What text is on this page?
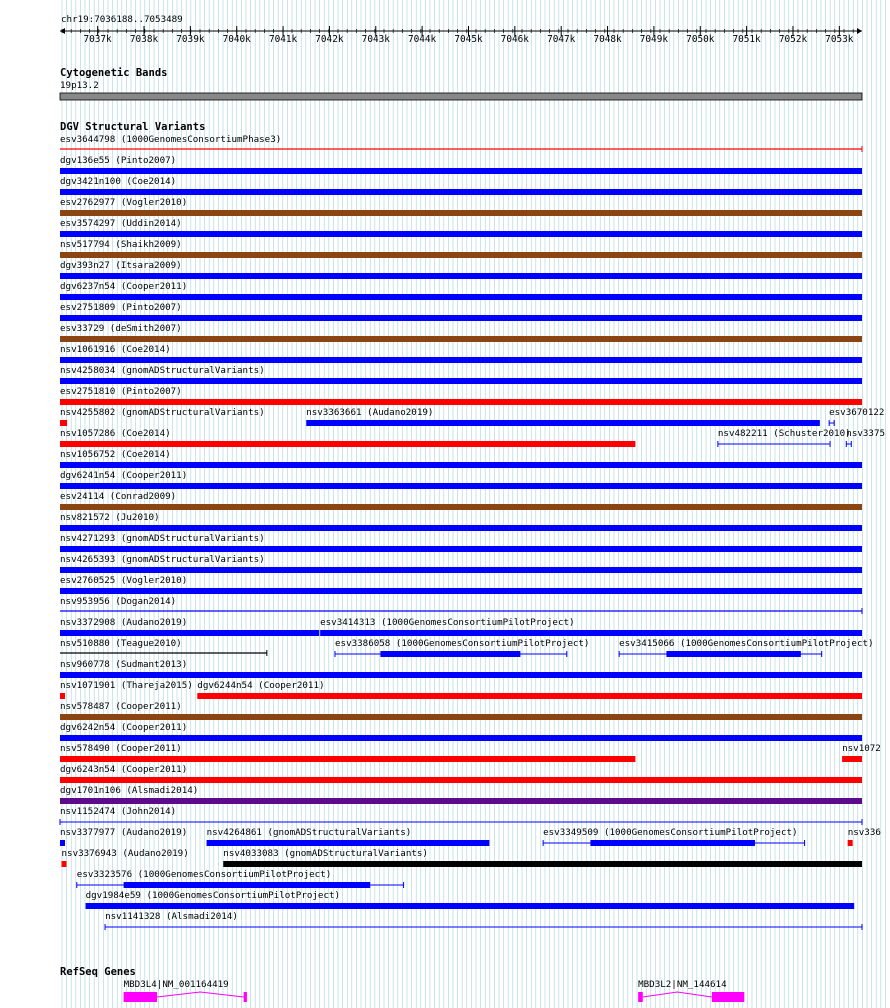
chr19:7036188..7053489
7037k 7038k 7039k 7040k 7041k 7042k 7043k 7044k 7045k 7046k 7047k 7048k 7049k 7050k 7051k 7052k 7053k
Cytogenetic Bands
19p13.2
DGV Structural Variants
esv3644798 (1000GenomesConsortiumPhase3)
dgv136e55 (Pinto2007)
dgv3421n100 (Coe2014)
esv2762977 (Vogler2010)
esv3574297 (Uddin2014)
nsv517794 (Shaikh2009)
dgv393n27 (Itsara2009)
dgv6237n54 (Cooper2011)
esv2751809 (Pinto2007)
esv33729 (deSmith2007)
nsv1061916 (Coe2014)
nsv4258034 (gnomADStructuralVariants)
esv2751810 (Pinto2007)
nsv4255802 (gnomADStructuralVariants)	nsv3363661 (Audano2019)	esv3670122
nsv1057286 (Coe2014)	nsv482211 (Schuster2010)
nsv3375
nsv1056752 (Coe2014)
dgv6241n54 (Cooper2011)
esv24114 (Conrad2009)
nsv821572 (Ju2010)
nsv4271293 (gnomADStructuralVariants)
nsv4265393 (gnomADStructuralVariants)
esv2760525 (Vogler2010)
nsv953956 (Dogan2014)
nsv3372908 (Audano2019)	esv3414313 (1000GenomesConsortiumPilotProject)
nsv510880 (Teague2010)	esv3386058 (1000GenomesConsortiumPilotProject)	esv3415066 (1000GenomesConsortiumPilotProject)
nsv960778 (Sudmant2013)
nsv1071901 (Thareja2015) dgv6244n54 (Cooper2011)
nsv578487 (Cooper2011)
dgv6242n54 (Cooper2011)
nsv578490 (Cooper2011)	nsv1072
dgv6243n54 (Cooper2011)
dgv1701n106 (Alsmadi2014)
nsv1152474 (John2014)
nsv3377977 (Audano2019) nsv4264861 (gnomADStructuralVariants)	esv3349509 (1000GenomesConsortiumPilotProject)	nsv336
nsv3376943 (Audano2019)	nsv4033083 (gnomADStructuralVariants)
esv3323576 (1000GenomesConsortiumPilotProject)
dgv1984e59 (1000GenomesConsortiumPilotProject)
nsv1141328 (Alsmadi2014)
RefSeq Genes
MBD3L4|NM_001164419	MBD3L2|NM_144614
